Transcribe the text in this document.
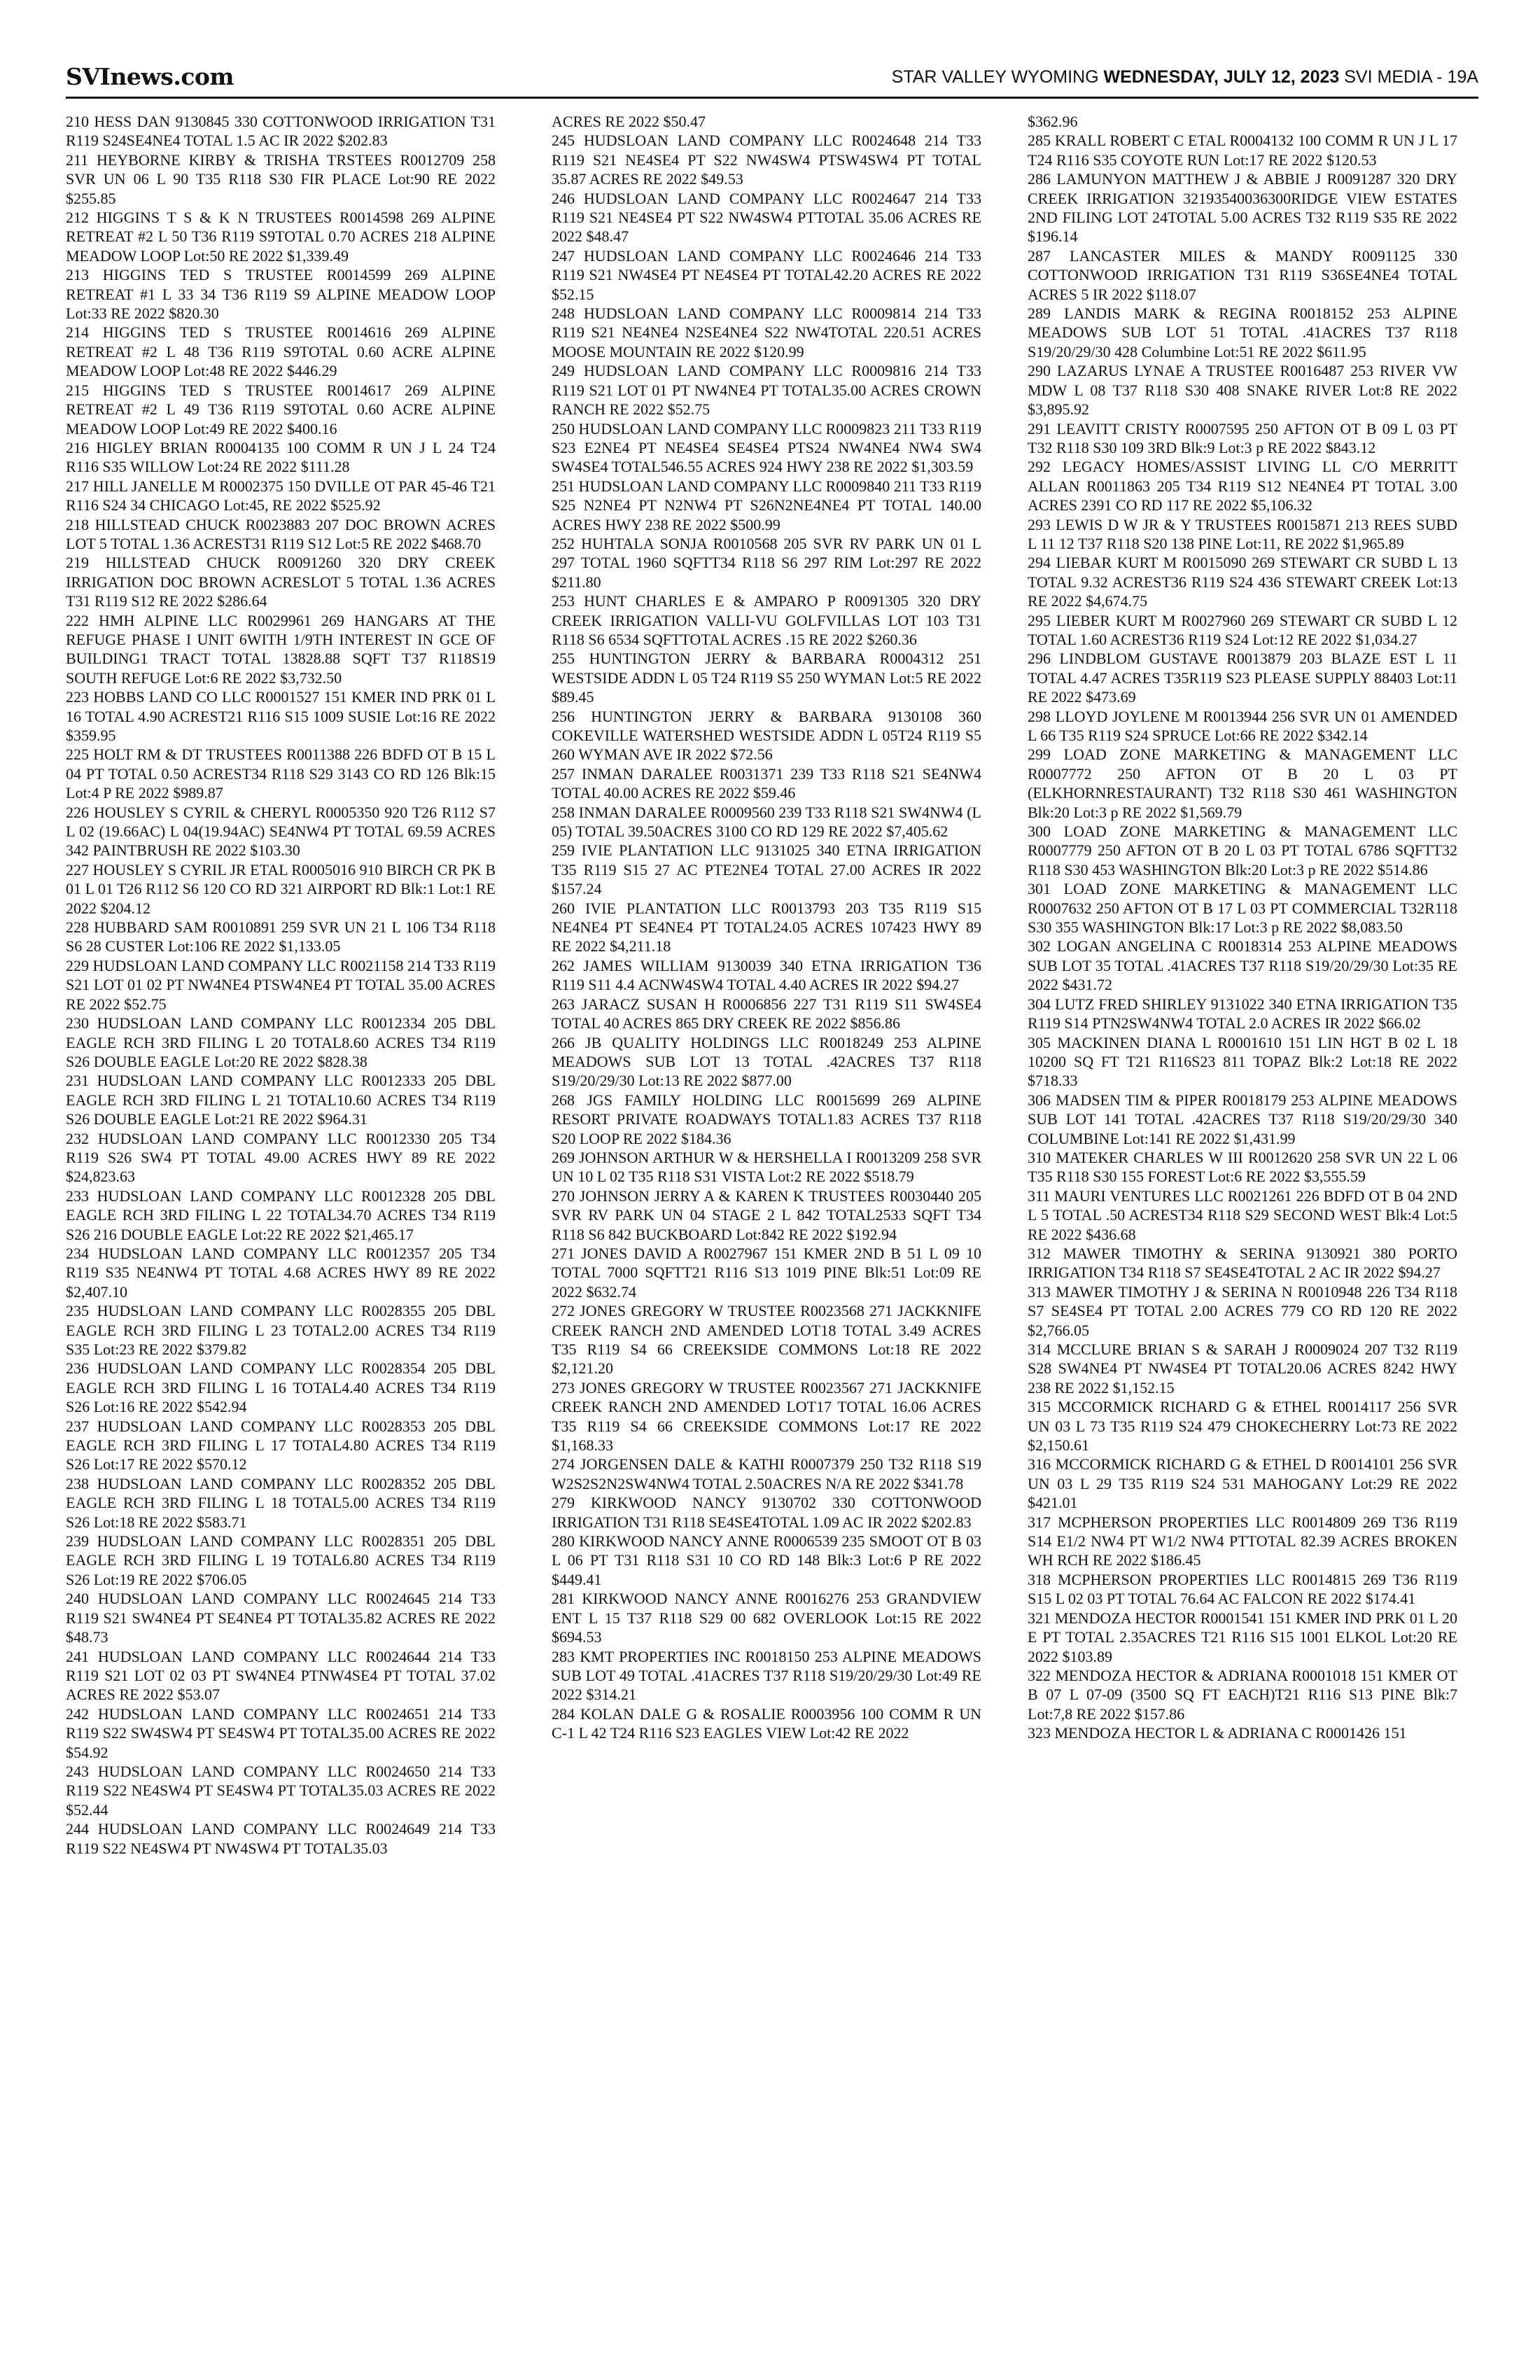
SVInews.com	STAR VALLEY WYOMING WEDNESDAY, JULY 12, 2023 SVI MEDIA - 19A

210 HESS DAN 9130845 330 COTTONWOOD IRRIGATION T31 R119 S24SE4NE4 TOTAL 1.5 AC IR 2022 $202.83

211 HEYBORNE KIRBY & TRISHA TRSTEES R0012709 258 SVR UN 06 L 90 T35 R118 S30 FIR PLACE Lot:90 RE 2022 $255.85

212 HIGGINS T S & K N TRUSTEES R0014598 269 ALPINE RETREAT #2 L 50 T36 R119 S9TOTAL 0.70 ACRES 218 ALPINE MEADOW LOOP Lot:50 RE 2022 $1,339.49

213 HIGGINS TED S TRUSTEE R0014599 269 ALPINE RETREAT #1 L 33 34 T36 R119 S9 ALPINE MEADOW LOOP Lot:33 RE 2022 $820.30

214 HIGGINS TED S TRUSTEE R0014616 269 ALPINE RETREAT #2 L 48 T36 R119 S9TOTAL 0.60 ACRE ALPINE MEADOW LOOP Lot:48 RE 2022 $446.29

215 HIGGINS TED S TRUSTEE R0014617 269 ALPINE RETREAT #2 L 49 T36 R119 S9TOTAL 0.60 ACRE ALPINE MEADOW LOOP Lot:49 RE 2022 $400.16

216 HIGLEY BRIAN R0004135 100 COMM R UN J L 24 T24 R116 S35 WILLOW Lot:24 RE 2022 $111.28

217 HILL JANELLE M R0002375 150 DVILLE OT PAR 45-46 T21 R116 S24 34 CHICAGO Lot:45, RE 2022 $525.92

218 HILLSTEAD CHUCK R0023883 207 DOC BROWN ACRES LOT 5 TOTAL 1.36 ACREST31 R119 S12 Lot:5 RE 2022 $468.70

219 HILLSTEAD CHUCK R0091260 320 DRY CREEK IRRIGATION DOC BROWN ACRESLOT 5 TOTAL 1.36 ACRES T31 R119 S12 RE 2022 $286.64

222 HMH ALPINE LLC R0029961 269 HANGARS AT THE REFUGE PHASE I UNIT 6WITH 1/9TH INTEREST IN GCE OF BUILDING1 TRACT TOTAL 13828.88 SQFT T37 R118S19 SOUTH REFUGE Lot:6 RE 2022 $3,732.50

223 HOBBS LAND CO LLC R0001527 151 KMER IND PRK 01 L 16 TOTAL 4.90 ACREST21 R116 S15 1009 SUSIE Lot:16 RE 2022 $359.95

225 HOLT RM & DT TRUSTEES R0011388 226 BDFD OT B 15 L 04 PT TOTAL 0.50 ACREST34 R118 S29 3143 CO RD 126 Blk:15 Lot:4 P RE 2022 $989.87

226 HOUSLEY S CYRIL & CHERYL R0005350 920 T26 R112 S7 L 02 (19.66AC) L 04(19.94AC) SE4NW4 PT TOTAL 69.59 ACRES 342 PAINTBRUSH RE 2022 $103.30

227 HOUSLEY S CYRIL JR ETAL R0005016 910 BIRCH CR PK B 01 L 01 T26 R112 S6 120 CO RD 321 AIRPORT RD Blk:1 Lot:1 RE 2022 $204.12

228 HUBBARD SAM R0010891 259 SVR UN 21 L 106 T34 R118 S6 28 CUSTER Lot:106 RE 2022 $1,133.05

229 HUDSLOAN LAND COMPANY LLC R0021158 214 T33 R119 S21 LOT 01 02 PT NW4NE4 PTSW4NE4 PT TOTAL 35.00 ACRES RE 2022 $52.75

230 HUDSLOAN LAND COMPANY LLC R0012334 205 DBL EAGLE RCH 3RD FILING L 20 TOTAL8.60 ACRES T34 R119 S26 DOUBLE EAGLE Lot:20 RE 2022 $828.38

231 HUDSLOAN LAND COMPANY LLC R0012333 205 DBL EAGLE RCH 3RD FILING L 21 TOTAL10.60 ACRES T34 R119 S26 DOUBLE EAGLE Lot:21 RE 2022 $964.31

232 HUDSLOAN LAND COMPANY LLC R0012330 205 T34 R119 S26 SW4 PT TOTAL 49.00 ACRES HWY 89 RE 2022 $24,823.63

233 HUDSLOAN LAND COMPANY LLC R0012328 205 DBL EAGLE RCH 3RD FILING L 22 TOTAL34.70 ACRES T34 R119 S26 216 DOUBLE EAGLE Lot:22 RE 2022 $21,465.17

234 HUDSLOAN LAND COMPANY LLC R0012357 205 T34 R119 S35 NE4NW4 PT TOTAL 4.68 ACRES HWY 89 RE 2022 $2,407.10

235 HUDSLOAN LAND COMPANY LLC R0028355 205 DBL EAGLE RCH 3RD FILING L 23 TOTAL2.00 ACRES T34 R119 S35 Lot:23 RE 2022 $379.82

236 HUDSLOAN LAND COMPANY LLC R0028354 205 DBL EAGLE RCH 3RD FILING L 16 TOTAL4.40 ACRES T34 R119 S26 Lot:16 RE 2022 $542.94

237 HUDSLOAN LAND COMPANY LLC R0028353 205 DBL EAGLE RCH 3RD FILING L 17 TOTAL4.80 ACRES T34 R119 S26 Lot:17 RE 2022 $570.12

238 HUDSLOAN LAND COMPANY LLC R0028352 205 DBL EAGLE RCH 3RD FILING L 18 TOTAL5.00 ACRES T34 R119 S26 Lot:18 RE 2022 $583.71

239 HUDSLOAN LAND COMPANY LLC R0028351 205 DBL EAGLE RCH 3RD FILING L 19 TOTAL6.80 ACRES T34 R119 S26 Lot:19 RE 2022 $706.05

240 HUDSLOAN LAND COMPANY LLC R0024645 214 T33 R119 S21 SW4NE4 PT SE4NE4 PT TOTAL35.82 ACRES RE 2022 $48.73

241 HUDSLOAN LAND COMPANY LLC R0024644 214 T33 R119 S21 LOT 02 03 PT SW4NE4 PTNW4SE4 PT TOTAL 37.02 ACRES RE 2022 $53.07

242 HUDSLOAN LAND COMPANY LLC R0024651 214 T33 R119 S22 SW4SW4 PT SE4SW4 PT TOTAL35.00 ACRES RE 2022 $54.92

243 HUDSLOAN LAND COMPANY LLC R0024650 214 T33 R119 S22 NE4SW4 PT SE4SW4 PT TOTAL35.03 ACRES RE 2022 $52.44

244 HUDSLOAN LAND COMPANY LLC R0024649 214 T33 R119 S22 NE4SW4 PT NW4SW4 PT TOTAL35.03

ACRES RE 2022 $50.47

245 HUDSLOAN LAND COMPANY LLC R0024648 214 T33 R119 S21 NE4SE4 PT S22 NW4SW4 PTSW4SW4 PT TOTAL 35.87 ACRES RE 2022 $49.53

246 HUDSLOAN LAND COMPANY LLC R0024647 214 T33 R119 S21 NE4SE4 PT S22 NW4SW4 PTTOTAL 35.06 ACRES RE 2022 $48.47

247 HUDSLOAN LAND COMPANY LLC R0024646 214 T33 R119 S21 NW4SE4 PT NE4SE4 PT TOTAL42.20 ACRES RE 2022 $52.15

248 HUDSLOAN LAND COMPANY LLC R0009814 214 T33 R119 S21 NE4NE4 N2SE4NE4 S22 NW4TOTAL 220.51 ACRES MOOSE MOUNTAIN RE 2022 $120.99

249 HUDSLOAN LAND COMPANY LLC R0009816 214 T33 R119 S21 LOT 01 PT NW4NE4 PT TOTAL35.00 ACRES CROWN RANCH RE 2022 $52.75

250 HUDSLOAN LAND COMPANY LLC R0009823 211 T33 R119 S23 E2NE4 PT NE4SE4 SE4SE4 PTS24 NW4NE4 NW4 SW4 SW4SE4 TOTAL546.55 ACRES 924 HWY 238 RE 2022 $1,303.59

251 HUDSLOAN LAND COMPANY LLC R0009840 211 T33 R119 S25 N2NE4 PT N2NW4 PT S26N2NE4NE4 PT TOTAL 140.00 ACRES HWY 238 RE 2022 $500.99

252 HUHTALA SONJA R0010568 205 SVR RV PARK UN 01 L 297 TOTAL 1960 SQFTT34 R118 S6 297 RIM Lot:297 RE 2022 $211.80

253 HUNT CHARLES E & AMPARO P R0091305 320 DRY CREEK IRRIGATION VALLI-VU GOLFVILLAS LOT 103 T31 R118 S6 6534 SQFTTOTAL ACRES .15 RE 2022 $260.36

255 HUNTINGTON JERRY & BARBARA R0004312 251 WESTSIDE ADDN L 05 T24 R119 S5 250 WYMAN Lot:5 RE 2022 $89.45

256 HUNTINGTON JERRY & BARBARA 9130108 360 COKEVILLE WATERSHED WESTSIDE ADDN L 05T24 R119 S5 260 WYMAN AVE IR 2022 $72.56

257 INMAN DARALEE R0031371 239 T33 R118 S21 SE4NW4 TOTAL 40.00 ACRES RE 2022 $59.46

258 INMAN DARALEE R0009560 239 T33 R118 S21 SW4NW4 (L 05) TOTAL 39.50ACRES 3100 CO RD 129 RE 2022 $7,405.62

259 IVIE PLANTATION LLC 9131025 340 ETNA IRRIGATION T35 R119 S15 27 AC PTE2NE4 TOTAL 27.00 ACRES IR 2022 $157.24

260 IVIE PLANTATION LLC R0013793 203 T35 R119 S15 NE4NE4 PT SE4NE4 PT TOTAL24.05 ACRES 107423 HWY 89 RE 2022 $4,211.18

262 JAMES WILLIAM 9130039 340 ETNA IRRIGATION T36 R119 S11 4.4 ACNW4SW4 TOTAL 4.40 ACRES IR 2022 $94.27

263 JARACZ SUSAN H R0006856 227 T31 R119 S11 SW4SE4 TOTAL 40 ACRES 865 DRY CREEK RE 2022 $856.86

266 JB QUALITY HOLDINGS LLC R0018249 253 ALPINE MEADOWS SUB LOT 13 TOTAL .42ACRES T37 R118 S19/20/29/30 Lot:13 RE 2022 $877.00

268 JGS FAMILY HOLDING LLC R0015699 269 ALPINE RESORT PRIVATE ROADWAYS TOTAL1.83 ACRES T37 R118 S20 LOOP RE 2022 $184.36

269 JOHNSON ARTHUR W & HERSHELLA I R0013209 258 SVR UN 10 L 02 T35 R118 S31 VISTA Lot:2 RE 2022 $518.79

270 JOHNSON JERRY A & KAREN K TRUSTEES R0030440 205 SVR RV PARK UN 04 STAGE 2 L 842 TOTAL2533 SQFT T34 R118 S6 842 BUCKBOARD Lot:842 RE 2022 $192.94

271 JONES DAVID A R0027967 151 KMER 2ND B 51 L 09 10 TOTAL 7000 SQFTT21 R116 S13 1019 PINE Blk:51 Lot:09 RE 2022 $632.74

272 JONES GREGORY W TRUSTEE R0023568 271 JACKKNIFE CREEK RANCH 2ND AMENDED LOT18 TOTAL 3.49 ACRES T35 R119 S4 66 CREEKSIDE COMMONS Lot:18 RE 2022 $2,121.20

273 JONES GREGORY W TRUSTEE R0023567 271 JACKKNIFE CREEK RANCH 2ND AMENDED LOT17 TOTAL 16.06 ACRES T35 R119 S4 66 CREEKSIDE COMMONS Lot:17 RE 2022 $1,168.33

274 JORGENSEN DALE & KATHI R0007379 250 T32 R118 S19 W2S2S2N2SW4NW4 TOTAL 2.50ACRES N/A RE 2022 $341.78

279 KIRKWOOD NANCY 9130702 330 COTTONWOOD IRRIGATION T31 R118 SE4SE4TOTAL 1.09 AC IR 2022 $202.83

280 KIRKWOOD NANCY ANNE R0006539 235 SMOOT OT B 03 L 06 PT T31 R118 S31 10 CO RD 148 Blk:3 Lot:6 P RE 2022 $449.41

281 KIRKWOOD NANCY ANNE R0016276 253 GRANDVIEW ENT L 15 T37 R118 S29 00 682 OVERLOOK Lot:15 RE 2022 $694.53

283 KMT PROPERTIES INC R0018150 253 ALPINE MEADOWS SUB LOT 49 TOTAL .41ACRES T37 R118 S19/20/29/30 Lot:49 RE 2022 $314.21

284 KOLAN DALE G & ROSALIE R0003956 100 COMM R UN C-1 L 42 T24 R116 S23 EAGLES VIEW Lot:42 RE 2022

$362.96

285 KRALL ROBERT C ETAL R0004132 100 COMM R UN J L 17 T24 R116 S35 COYOTE RUN Lot:17 RE 2022 $120.53

286 LAMUNYON MATTHEW J & ABBIE J R0091287 320 DRY CREEK IRRIGATION 32193540036300RIDGE VIEW ESTATES 2ND FILING LOT 24TOTAL 5.00 ACRES T32 R119 S35 RE 2022 $196.14

287 LANCASTER MILES & MANDY R0091125 330 COTTONWOOD IRRIGATION T31 R119 S36SE4NE4 TOTAL ACRES 5 IR 2022 $118.07

289 LANDIS MARK & REGINA R0018152 253 ALPINE MEADOWS SUB LOT 51 TOTAL .41ACRES T37 R118 S19/20/29/30 428 Columbine Lot:51 RE 2022 $611.95

290 LAZARUS LYNAE A TRUSTEE R0016487 253 RIVER VW MDW L 08 T37 R118 S30 408 SNAKE RIVER Lot:8 RE 2022 $3,895.92

291 LEAVITT CRISTY R0007595 250 AFTON OT B 09 L 03 PT T32 R118 S30 109 3RD Blk:9 Lot:3 p RE 2022 $843.12

292 LEGACY HOMES/ASSIST LIVING LL C/O MERRITT ALLAN R0011863 205 T34 R119 S12 NE4NE4 PT TOTAL 3.00 ACRES 2391 CO RD 117 RE 2022 $5,106.32

293 LEWIS D W JR & Y TRUSTEES R0015871 213 REES SUBD L 11 12 T37 R118 S20 138 PINE Lot:11, RE 2022 $1,965.89

294 LIEBAR KURT M R0015090 269 STEWART CR SUBD L 13 TOTAL 9.32 ACREST36 R119 S24 436 STEWART CREEK Lot:13 RE 2022 $4,674.75

295 LIEBER KURT M R0027960 269 STEWART CR SUBD L 12 TOTAL 1.60 ACREST36 R119 S24 Lot:12 RE 2022 $1,034.27

296 LINDBLOM GUSTAVE R0013879 203 BLAZE EST L 11 TOTAL 4.47 ACRES T35R119 S23 PLEASE SUPPLY 88403 Lot:11 RE 2022 $473.69

298 LLOYD JOYLENE M R0013944 256 SVR UN 01 AMENDED L 66 T35 R119 S24 SPRUCE Lot:66 RE 2022 $342.14

299 LOAD ZONE MARKETING & MANAGEMENT LLC R0007772 250 AFTON OT B 20 L 03 PT (ELKHORNRESTAURANT) T32 R118 S30 461 WASHINGTON Blk:20 Lot:3 p RE 2022 $1,569.79

300 LOAD ZONE MARKETING & MANAGEMENT LLC R0007779 250 AFTON OT B 20 L 03 PT TOTAL 6786 SQFTT32 R118 S30 453 WASHINGTON Blk:20 Lot:3 p RE 2022 $514.86

301 LOAD ZONE MARKETING & MANAGEMENT LLC R0007632 250 AFTON OT B 17 L 03 PT COMMERCIAL T32R118 S30 355 WASHINGTON Blk:17 Lot:3 p RE 2022 $8,083.50

302 LOGAN ANGELINA C R0018314 253 ALPINE MEADOWS SUB LOT 35 TOTAL .41ACRES T37 R118 S19/20/29/30 Lot:35 RE 2022 $431.72

304 LUTZ FRED SHIRLEY 9131022 340 ETNA IRRIGATION T35 R119 S14 PTN2SW4NW4 TOTAL 2.0 ACRES IR 2022 $66.02

305 MACKINEN DIANA L R0001610 151 LIN HGT B 02 L 18 10200 SQ FT T21 R116S23 811 TOPAZ Blk:2 Lot:18 RE 2022 $718.33

306 MADSEN TIM & PIPER R0018179 253 ALPINE MEADOWS SUB LOT 141 TOTAL .42ACRES T37 R118 S19/20/29/30 340 COLUMBINE Lot:141 RE 2022 $1,431.99

310 MATEKER CHARLES W III R0012620 258 SVR UN 22 L 06 T35 R118 S30 155 FOREST Lot:6 RE 2022 $3,555.59

311 MAURI VENTURES LLC R0021261 226 BDFD OT B 04 2ND L 5 TOTAL .50 ACREST34 R118 S29 SECOND WEST Blk:4 Lot:5 RE 2022 $436.68

312 MAWER TIMOTHY & SERINA 9130921 380 PORTO IRRIGATION T34 R118 S7 SE4SE4TOTAL 2 AC IR 2022 $94.27

313 MAWER TIMOTHY J & SERINA N R0010948 226 T34 R118 S7 SE4SE4 PT TOTAL 2.00 ACRES 779 CO RD 120 RE 2022 $2,766.05

314 MCCLURE BRIAN S & SARAH J R0009024 207 T32 R119 S28 SW4NE4 PT NW4SE4 PT TOTAL20.06 ACRES 8242 HWY 238 RE 2022 $1,152.15

315 MCCORMICK RICHARD G & ETHEL R0014117 256 SVR UN 03 L 73 T35 R119 S24 479 CHOKECHERRY Lot:73 RE 2022 $2,150.61

316 MCCORMICK RICHARD G & ETHEL D R0014101 256 SVR UN 03 L 29 T35 R119 S24 531 MAHOGANY Lot:29 RE 2022 $421.01

317 MCPHERSON PROPERTIES LLC R0014809 269 T36 R119 S14 E1/2 NW4 PT W1/2 NW4 PTTOTAL 82.39 ACRES BROKEN WH RCH RE 2022 $186.45

318 MCPHERSON PROPERTIES LLC R0014815 269 T36 R119 S15 L 02 03 PT TOTAL 76.64 AC FALCON RE 2022 $174.41

321 MENDOZA HECTOR R0001541 151 KMER IND PRK 01 L 20 E PT TOTAL 2.35ACRES T21 R116 S15 1001 ELKOL Lot:20 RE 2022 $103.89

322 MENDOZA HECTOR & ADRIANA R0001018 151 KMER OT B 07 L 07-09 (3500 SQ FT EACH)T21 R116 S13 PINE Blk:7 Lot:7,8 RE 2022 $157.86

323 MENDOZA HECTOR L & ADRIANA C R0001426 151
